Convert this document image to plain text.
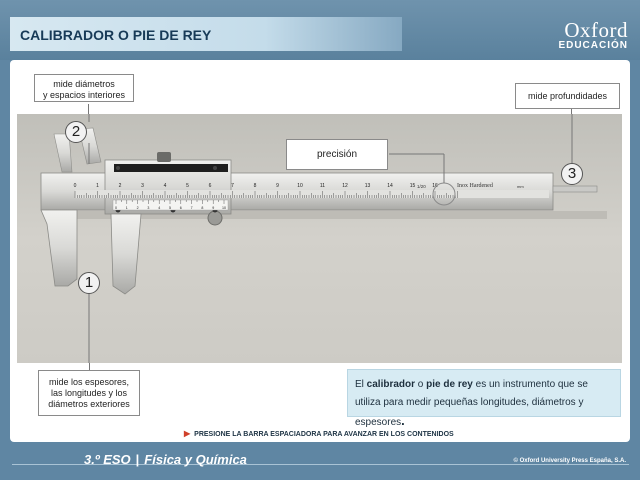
CALIBRADOR O PIE DE REY	Oxford
EDUCACIÓN
0	1	2	3	4	5	6	7	8	9	10	11	12	13	14	15	16
0 1 2 3 4 5 6 7 8 9 10
Inox Hardened
1/20	mm
mide diámetros
y espacios interiores	mide profundidades
precisión
mide los espesores,
las longitudes y los
diámetros exteriores
2
3
1
El calibrador o pie de rey es un instrumento que se utiliza para medir pequeñas longitudes, diámetros y espesores.
▶ PRESIONE LA BARRA ESPACIADORA PARA AVANZAR EN LOS CONTENIDOS
3.º ESO | Física y Química	© Oxford University Press España, S.A.
